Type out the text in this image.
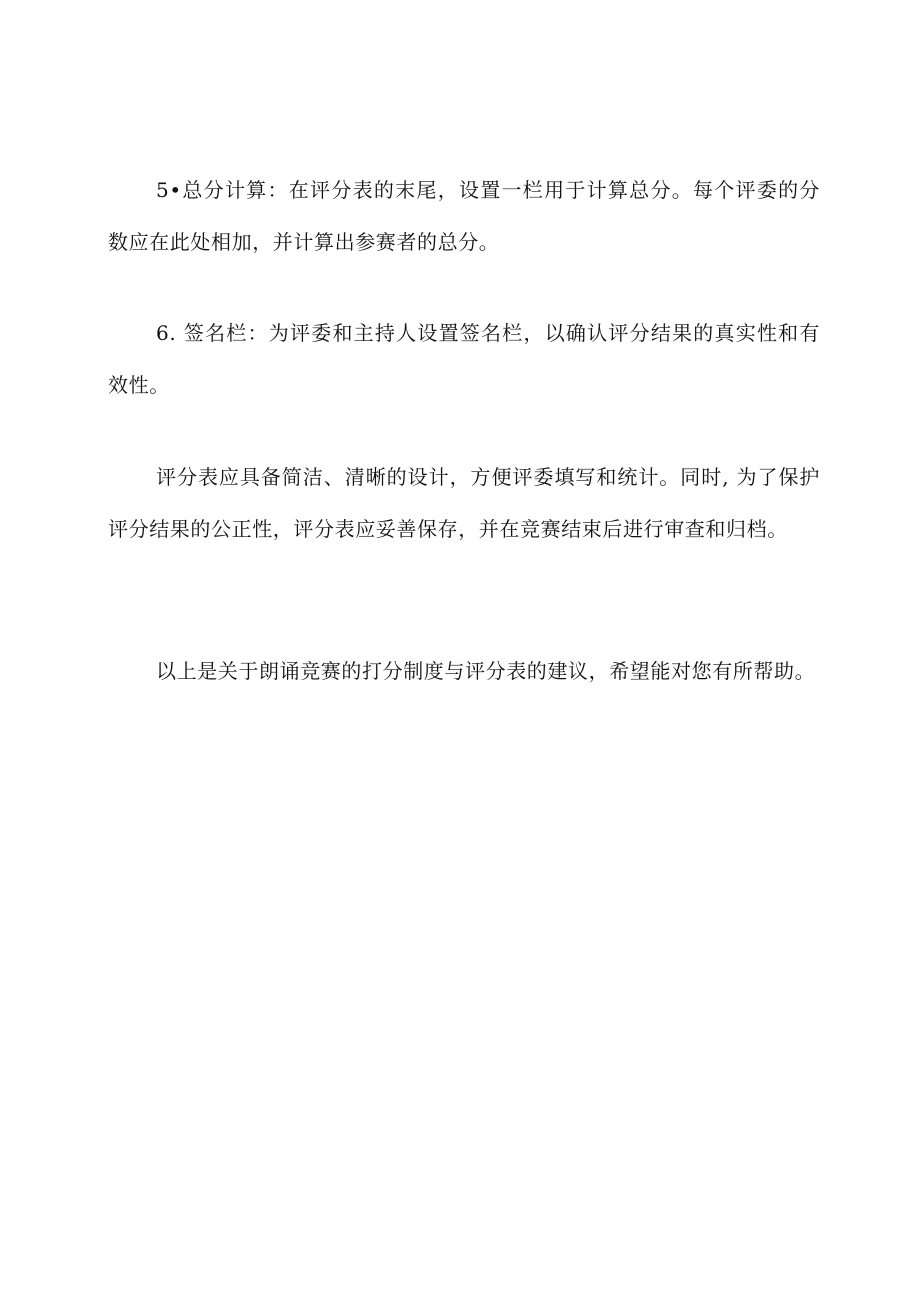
5•总分计算：在评分表的末尾，设置一栏用于计算总分。每个评委的分数应在此处相加，并计算出参赛者的总分。

6. 签名栏：为评委和主持人设置签名栏，以确认评分结果的真实性和有效性。

评分表应具备简洁、清晰的设计，方便评委填写和统计。同时, 为了保护评分结果的公正性，评分表应妥善保存，并在竞赛结束后进行审查和归档。

以上是关于朗诵竞赛的打分制度与评分表的建议，希望能对您有所帮助。
